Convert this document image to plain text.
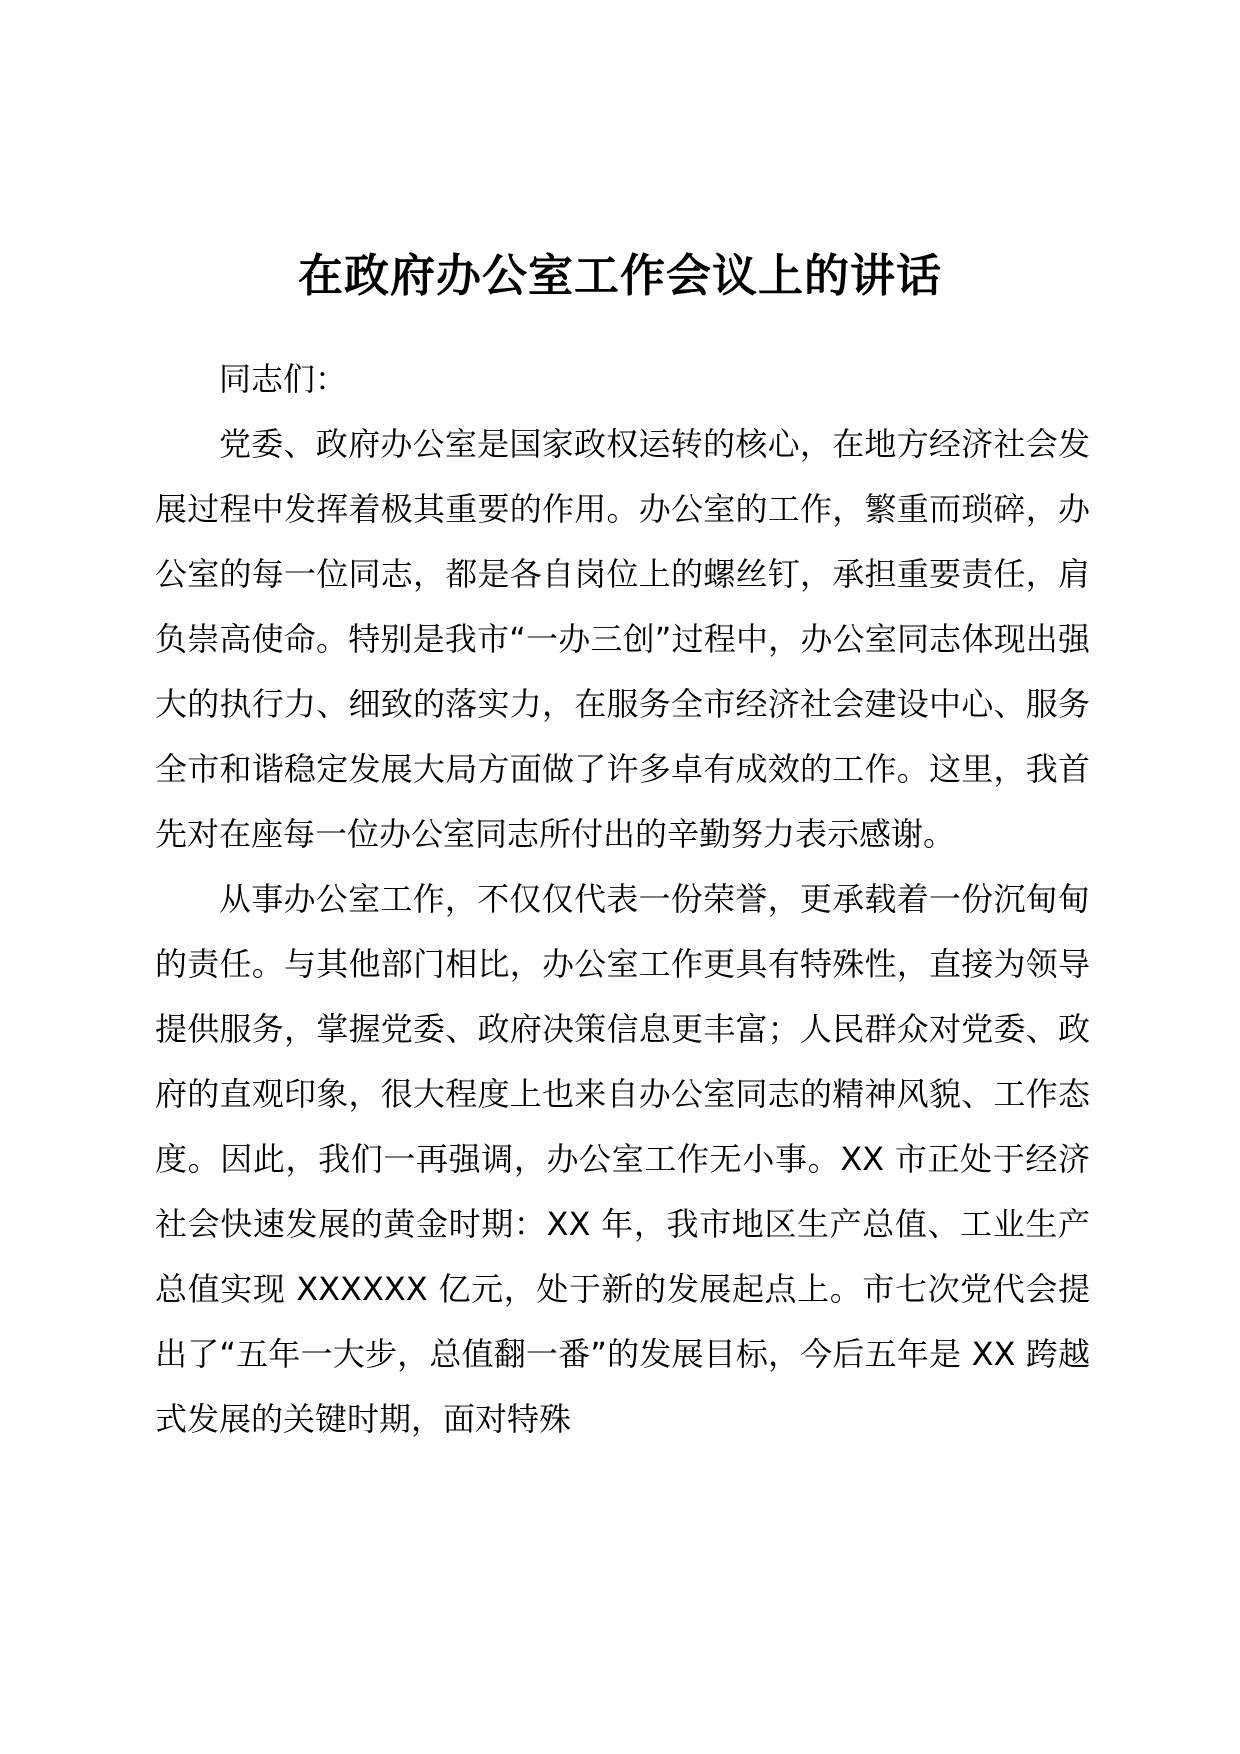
在政府办公室工作会议上的讲话

同志们：

党委、政府办公室是国家政权运转的核心，在地方经济社会发展过程中发挥着极其重要的作用。办公室的工作，繁重而琐碎，办公室的每一位同志，都是各自岗位上的螺丝钉，承担重要责任，肩负崇高使命。特别是我市“一办三创”过程中，办公室同志体现出强大的执行力、细致的落实力，在服务全市经济社会建设中心、服务全市和谐稳定发展大局方面做了许多卓有成效的工作。这里，我首先对在座每一位办公室同志所付出的辛勤努力表示感谢。

从事办公室工作，不仅仅代表一份荣誉，更承载着一份沉甸甸的责任。与其他部门相比，办公室工作更具有特殊性，直接为领导提供服务，掌握党委、政府决策信息更丰富；人民群众对党委、政府的直观印象，很大程度上也来自办公室同志的精神风貌、工作态度。因此，我们一再强调，办公室工作无小事。XX 市正处于经济社会快速发展的黄金时期：XX 年，我市地区生产总值、工业生产总值实现 XXXXXX 亿元，处于新的发展起点上。市七次党代会提出了“五年一大步，总值翻一番”的发展目标，今后五年是 XX 跨越式发展的关键时期，面对特殊
